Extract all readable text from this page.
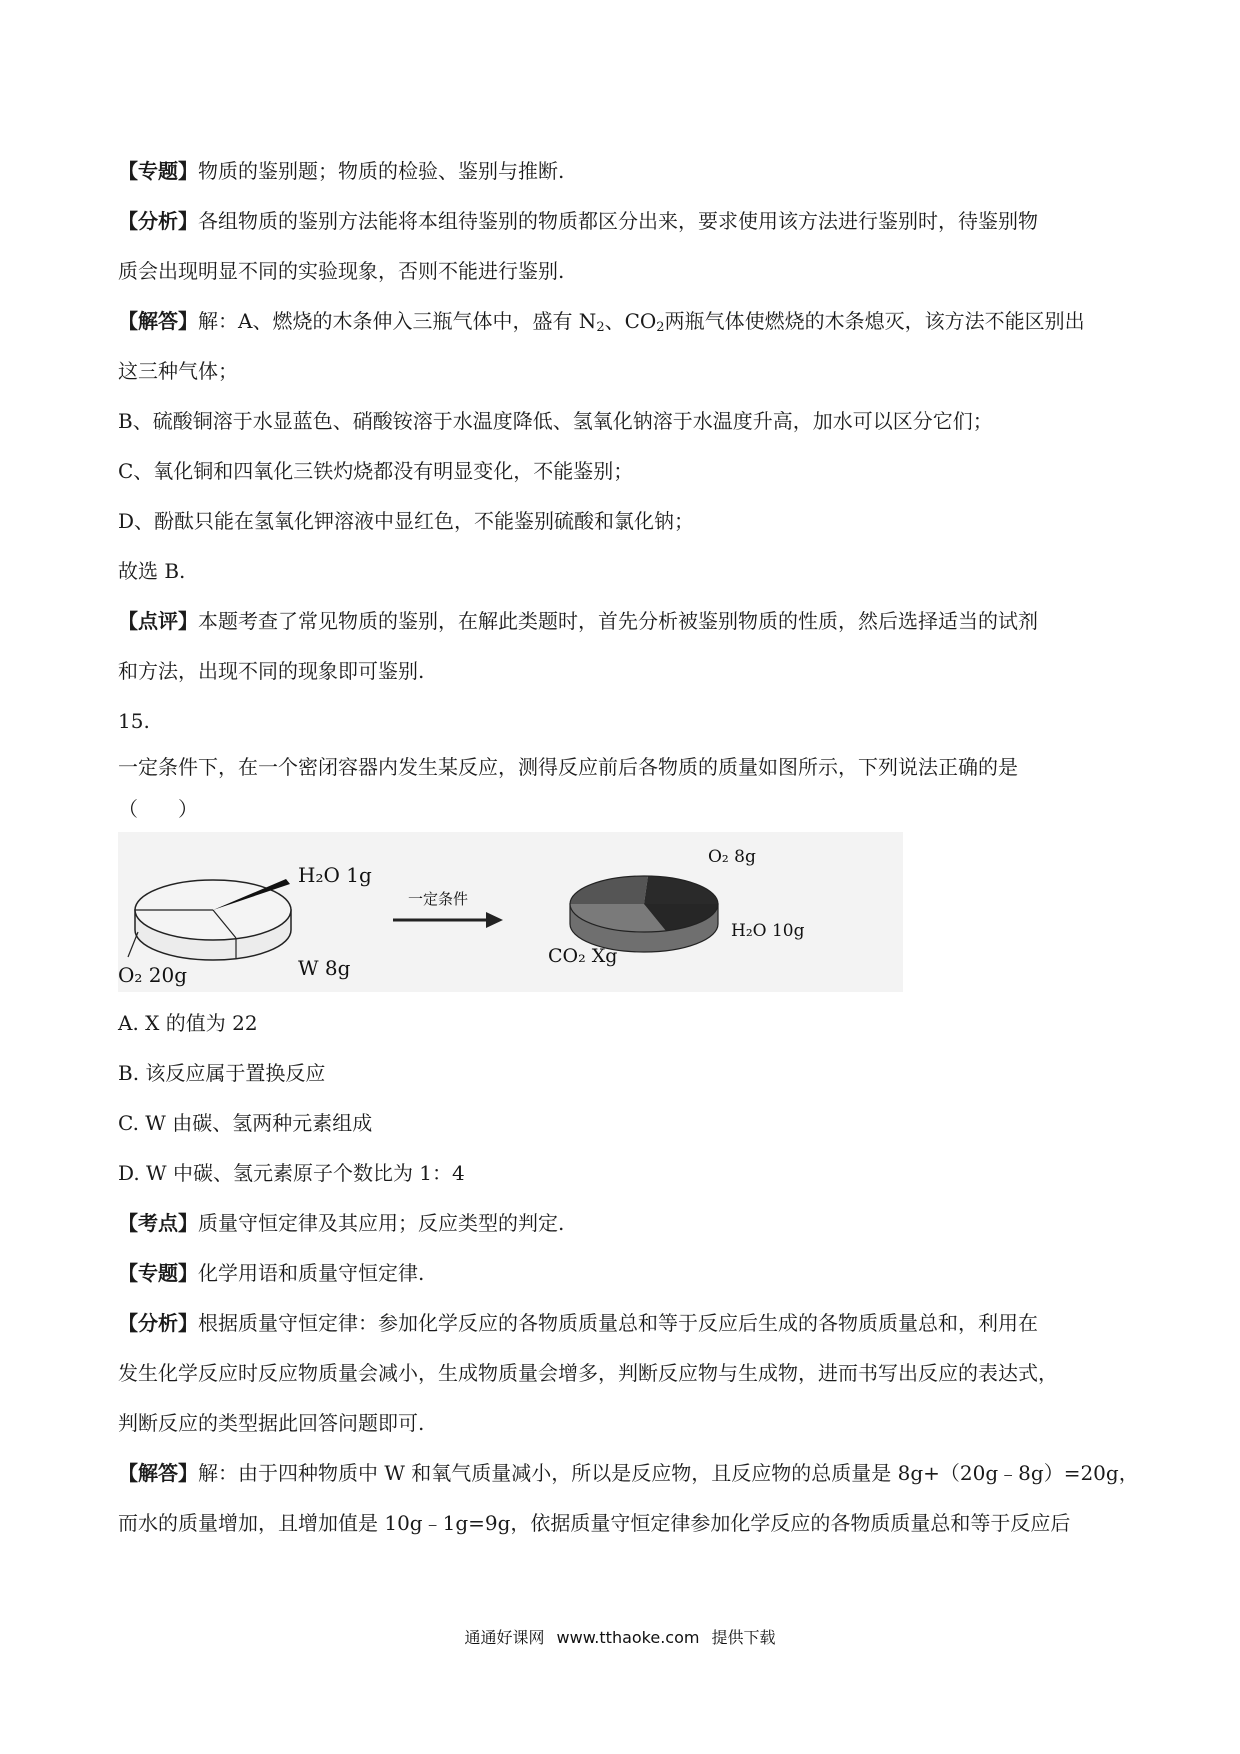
【专题】物质的鉴别题；物质的检验、鉴别与推断.
【分析】各组物质的鉴别方法能将本组待鉴别的物质都区分出来，要求使用该方法进行鉴别时，待鉴别物
质会出现明显不同的实验现象，否则不能进行鉴别.
【解答】解：A、燃烧的木条伸入三瓶气体中，盛有 $N_2$、$CO_2$两瓶气体使燃烧的木条熄灭，该方法不能区别出
这三种气体；
B、硫酸铜溶于水显蓝色、硝酸铵溶于水温度降低、氢氧化钠溶于水温度升高，加水可以区分它们；
C、氧化铜和四氧化三铁灼烧都没有明显变化，不能鉴别；
D、酚酞只能在氢氧化钾溶液中显红色，不能鉴别硫酸和氯化钠；
故选 B.
【点评】本题考查了常见物质的鉴别，在解此类题时，首先分析被鉴别物质的性质，然后选择适当的试剂
和方法，出现不同的现象即可鉴别.
15.
一定条件下，在一个密闭容器内发生某反应，测得反应前后各物质的质量如图所示，下列说法正确的是
（　　）
H₂O 1g
O₂ 20g	W 8g
一定条件
O₂ 8g
H₂O 10g
CO₂ Xg
A. X 的值为 22
B. 该反应属于置换反应
C. W 由碳、氢两种元素组成
D. W 中碳、氢元素原子个数比为 1：4
【考点】质量守恒定律及其应用；反应类型的判定.
【专题】化学用语和质量守恒定律.
【分析】根据质量守恒定律：参加化学反应的各物质质量总和等于反应后生成的各物质质量总和，利用在
发生化学反应时反应物质量会减小，生成物质量会增多，判断反应物与生成物，进而书写出反应的表达式，
判断反应的类型据此回答问题即可.
【解答】解：由于四种物质中 W 和氧气质量减小，所以是反应物，且反应物的总质量是 8g+（20g﹣8g）=20g，
而水的质量增加，且增加值是 10g﹣1g=9g，依据质量守恒定律参加化学反应的各物质质量总和等于反应后
通通好课网 www.tthaoke.com 提供下载
